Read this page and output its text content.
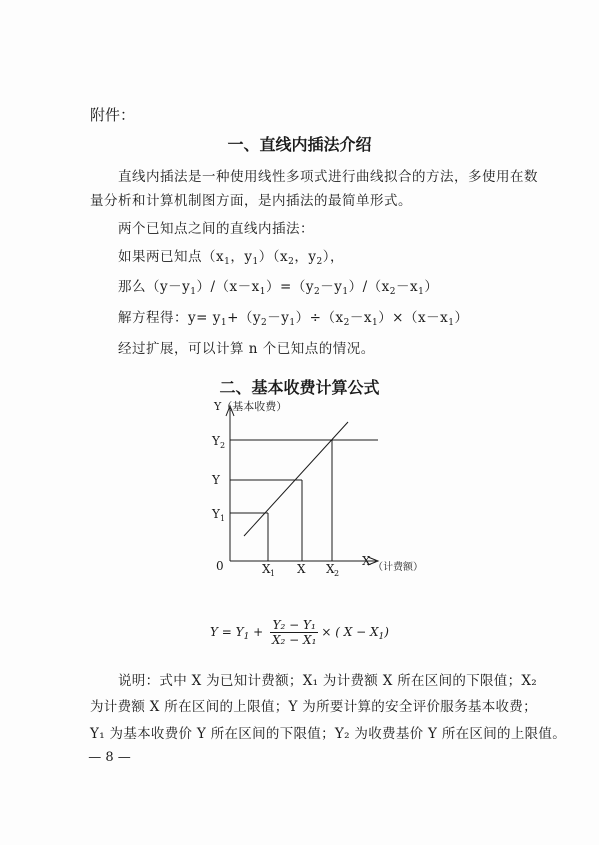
附件：
一、直线内插法介绍
直线内插法是一种使用线性多项式进行曲线拟合的方法，多使用在数
量分析和计算机制图方面，是内插法的最简单形式。
两个已知点之间的直线内插法：
如果两已知点（$x_1$，$y_1)(x_2$，$y_2$），
那么$(y-y_1)/(x-x_1)=(y_2-y_1)/(x_2-x_1)$
解方程得：$y= y_1+(y_2-y_1)\div(x_2-x_1)\times(x-x_1)$
经过扩展，可以计算 n 个已知点的情况。
二、基本收费计算公式
Y（基本收费）
Y 2
Y
Y 1
0	X 1 X X 2
X （计费额）
$Y = Y_1 + \frac{\text{Y₂ − Y₁}}{\text{X₂ − X₁}}$ × ( $X - X_1$)
说明：式中 X 为已知计费额；X₁ 为计费额 X 所在区间的下限值；X₂
为计费额 X 所在区间的上限值；Y 为所要计算的安全评价服务基本收费；
Y₁ 为基本收费价 Y 所在区间的下限值；Y₂ 为收费基价 Y 所在区间的上限值。
— 8 —
